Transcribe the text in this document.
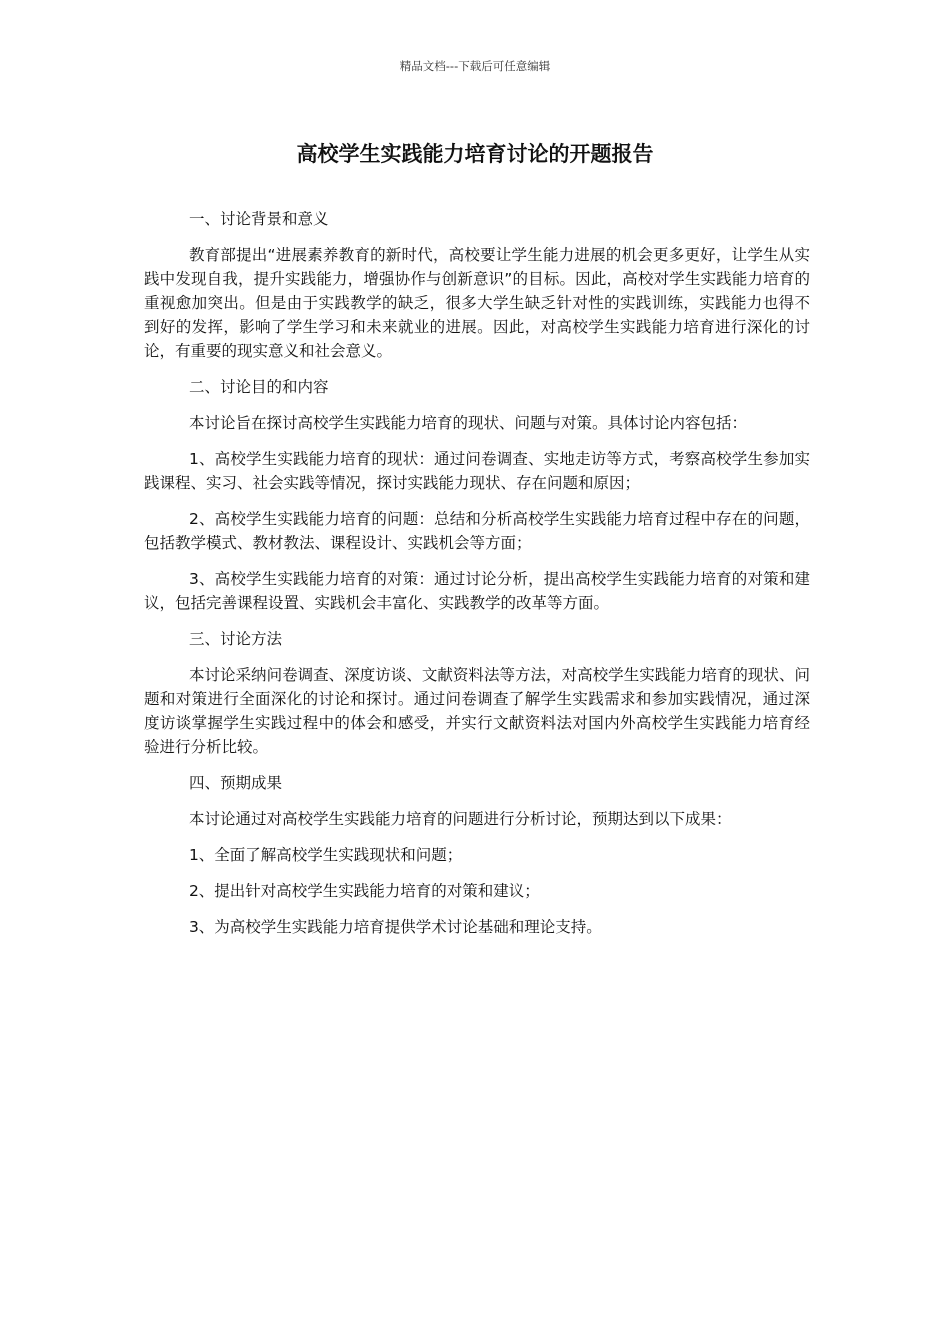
精品文档---下载后可任意编辑
高校学生实践能力培育讨论的开题报告

一、讨论背景和意义

教育部提出“进展素养教育的新时代，高校要让学生能力进展的机会更多更好，让学生从实践中发现自我，提升实践能力，增强协作与创新意识”的目标。因此，高校对学生实践能力培育的重视愈加突出。但是由于实践教学的缺乏，很多大学生缺乏针对性的实践训练，实践能力也得不到好的发挥，影响了学生学习和未来就业的进展。因此，对高校学生实践能力培育进行深化的讨论，有重要的现实意义和社会意义。

二、讨论目的和内容

本讨论旨在探讨高校学生实践能力培育的现状、问题与对策。具体讨论内容包括：

1、高校学生实践能力培育的现状：通过问卷调查、实地走访等方式，考察高校学生参加实践课程、实习、社会实践等情况，探讨实践能力现状、存在问题和原因；

2、高校学生实践能力培育的问题：总结和分析高校学生实践能力培育过程中存在的问题，包括教学模式、教材教法、课程设计、实践机会等方面；

3、高校学生实践能力培育的对策：通过讨论分析，提出高校学生实践能力培育的对策和建议，包括完善课程设置、实践机会丰富化、实践教学的改革等方面。

三、讨论方法

本讨论采纳问卷调查、深度访谈、文献资料法等方法，对高校学生实践能力培育的现状、问题和对策进行全面深化的讨论和探讨。通过问卷调查了解学生实践需求和参加实践情况，通过深度访谈掌握学生实践过程中的体会和感受，并实行文献资料法对国内外高校学生实践能力培育经验进行分析比较。

四、预期成果

本讨论通过对高校学生实践能力培育的问题进行分析讨论，预期达到以下成果：

1、全面了解高校学生实践现状和问题；

2、提出针对高校学生实践能力培育的对策和建议；

3、为高校学生实践能力培育提供学术讨论基础和理论支持。
